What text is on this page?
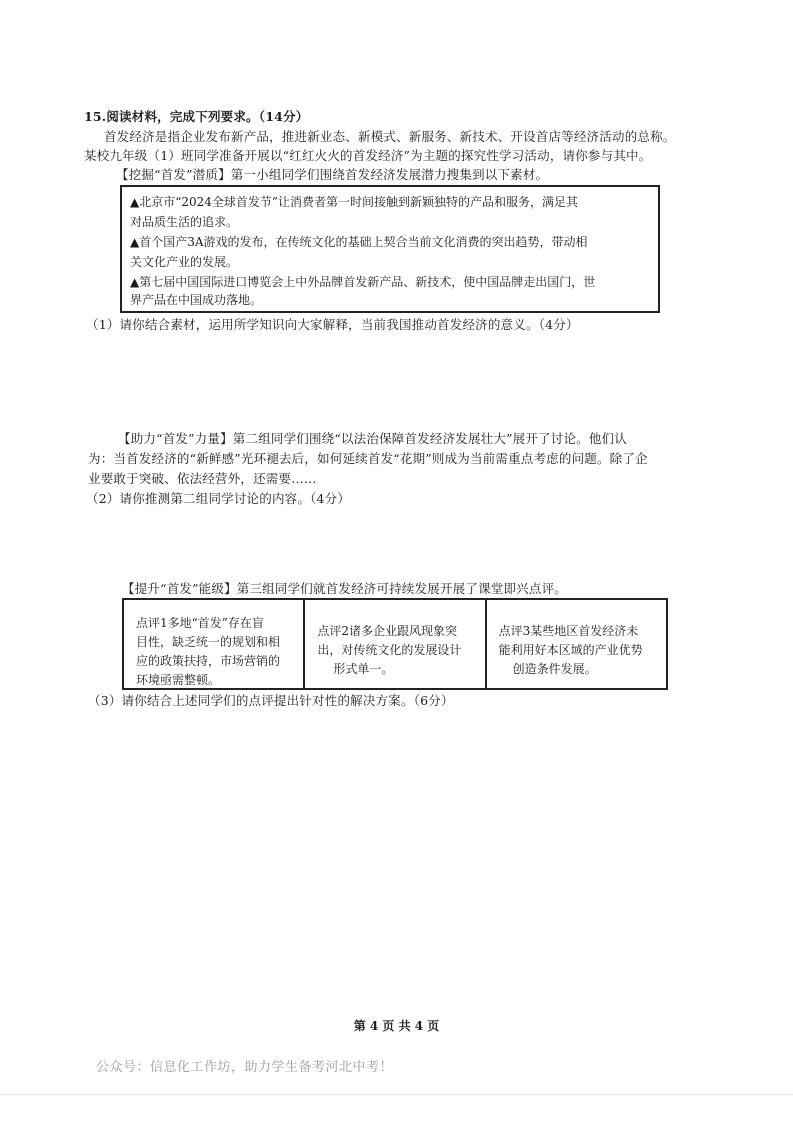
15.阅读材料，完成下列要求。（14分）
首发经济是指企业发布新产品，推进新业态、新模式、新服务、新技术、开设首店等经济活动的总称。
某校九年级（1）班同学准备开展以“红红火火的首发经济”为主题的探究性学习活动，请你参与其中。
【挖掘“首发”潜质】第一小组同学们围绕首发经济发展潜力搜集到以下素材。
▲北京市“2024全球首发节”让消费者第一时间接触到新颖独特的产品和服务，满足其
对品质生活的追求。
▲首个国产3A游戏的发布，在传统文化的基础上契合当前文化消费的突出趋势，带动相
关文化产业的发展。
▲第七届中国国际进口博览会上中外品牌首发新产品、新技术，使中国品牌走出国门，世
界产品在中国成功落地。
（1）请你结合素材，运用所学知识向大家解释，当前我国推动首发经济的意义。（4分）
【助力“首发”力量】第二组同学们围绕“以法治保障首发经济发展壮大”展开了讨论。他们认
为：当首发经济的“新鲜感”光环褪去后，如何延续首发“花期”则成为当前需重点考虑的问题。除了企
业要敢于突破、依法经营外，还需要……
（2）请你推测第二组同学讨论的内容。（4分）
【提升“首发”能级】第三组同学们就首发经济可持续发展开展了课堂即兴点评。
点评1多地“首发”存在盲
目性，缺乏统一的规划和相
应的政策扶持，市场营销的
环境亟需整顿。
点评2诸多企业跟风现象突
出，对传统文化的发展设计
形式单一。
点评3某些地区首发经济未
能利用好本区域的产业优势
创造条件发展。
（3）请你结合上述同学们的点评提出针对性的解决方案。（6分）
第 4 页 共 4 页
公众号：信息化工作坊，助力学生备考河北中考！
